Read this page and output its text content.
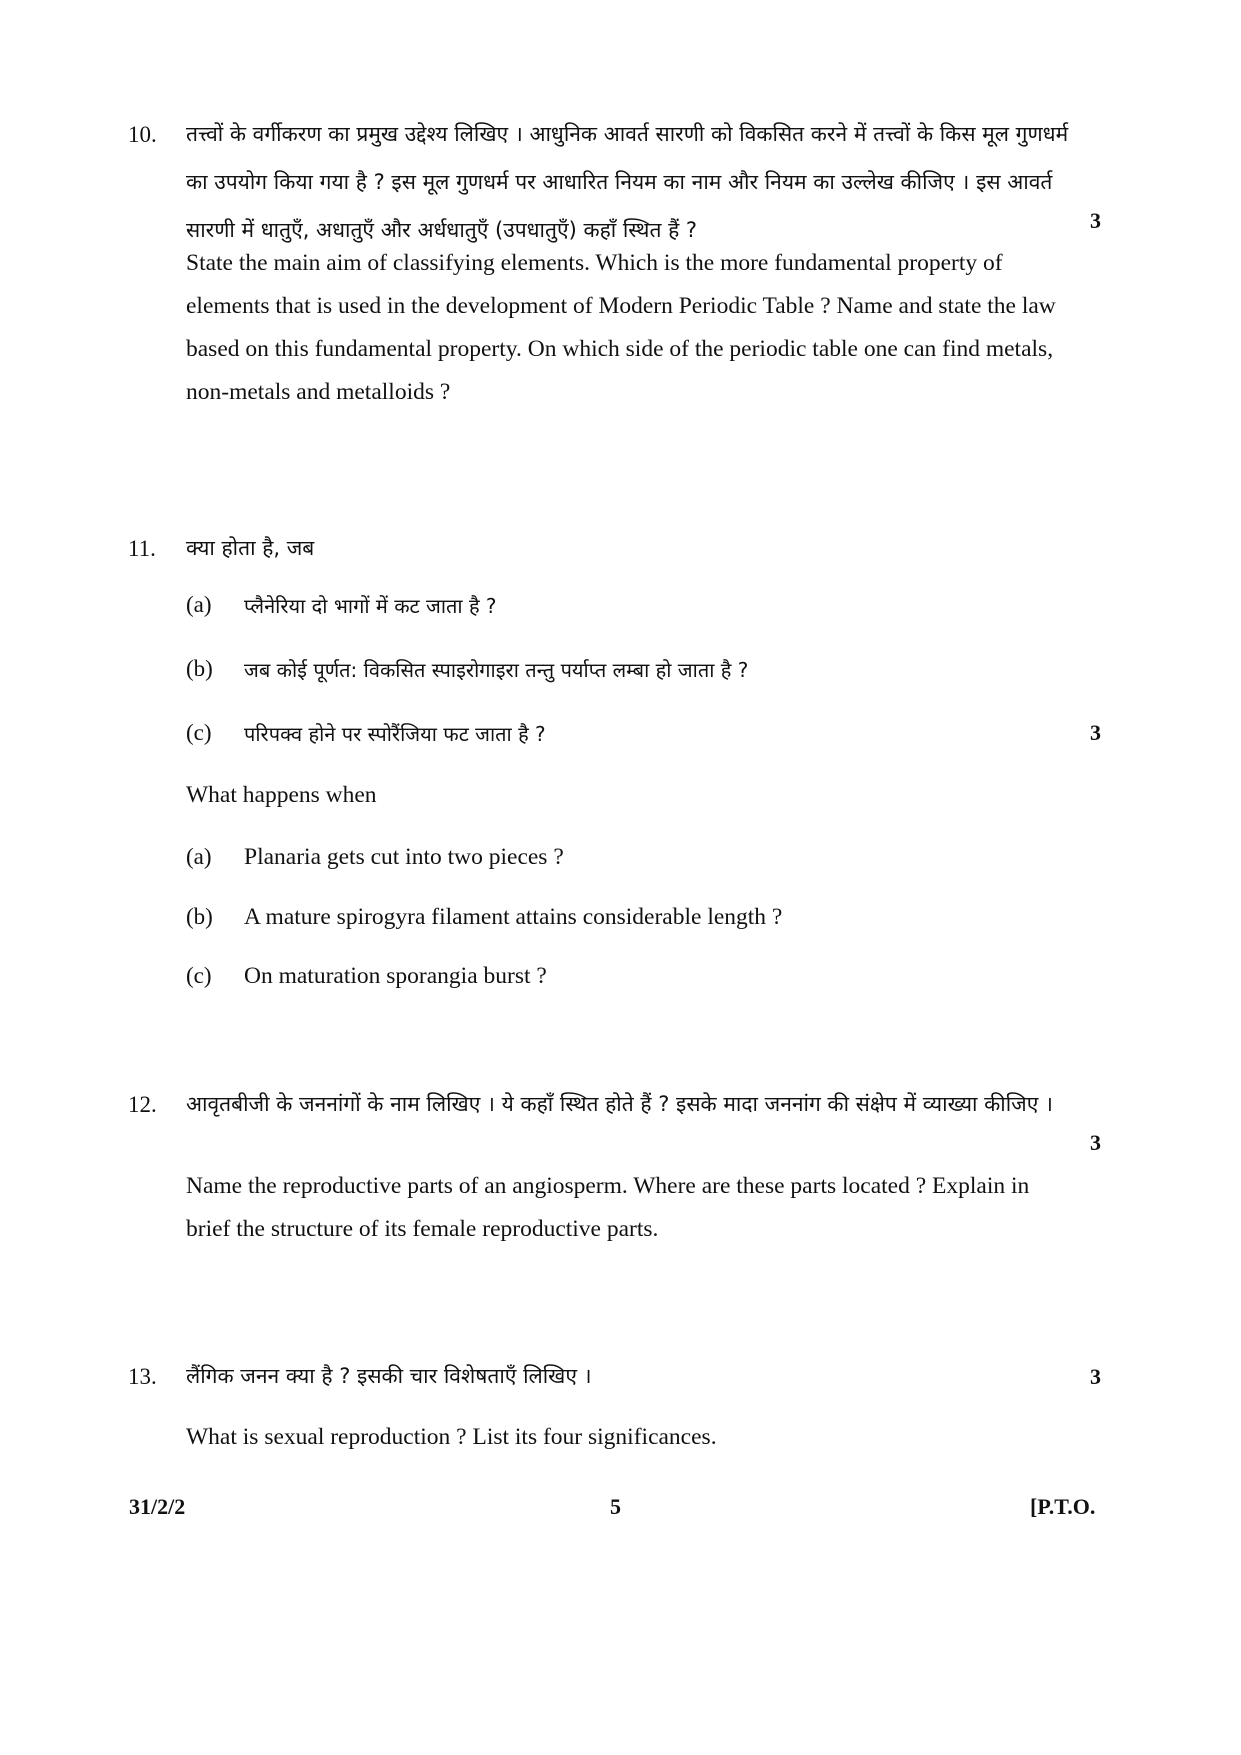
10. तत्त्वों के वर्गीकरण का प्रमुख उद्देश्य लिखिए । आधुनिक आवर्त सारणी को विकसित करने में तत्त्वों के किस मूल गुणधर्म का उपयोग किया गया है ? इस मूल गुणधर्म पर आधारित नियम का नाम और नियम का उल्लेख कीजिए । इस आवर्त सारणी में धातुएँ, अधातुएँ और अर्धधातुएँ (उपधातुएँ) कहाँ स्थित हैं ?	3
State the main aim of classifying elements. Which is the more fundamental property of elements that is used in the development of Modern Periodic Table ? Name and state the law based on this fundamental property. On which side of the periodic table one can find metals, non-metals and metalloids ?
11. क्या होता है, जब
(a) प्लैनेरिया दो भागों में कट जाता है ?
(b) जब कोई पूर्णत: विकसित स्पाइरोगाइरा तन्तु पर्याप्त लम्बा हो जाता है ?
(c) परिपक्व होने पर स्पोरैंजिया फट जाता है ?	3
What happens when
(a) Planaria gets cut into two pieces ?
(b) A mature spirogyra filament attains considerable length ?
(c) On maturation sporangia burst ?
12. आवृतबीजी के जननांगों के नाम लिखिए । ये कहाँ स्थित होते हैं ? इसके मादा जननांग की संक्षेप में व्याख्या कीजिए ।
3
Name the reproductive parts of an angiosperm. Where are these parts located ? Explain in brief the structure of its female reproductive parts.
13. लैंगिक जनन क्या है ? इसकी चार विशेषताएँ लिखिए ।	3
What is sexual reproduction ? List its four significances.
31/2/2	5	[P.T.O.
